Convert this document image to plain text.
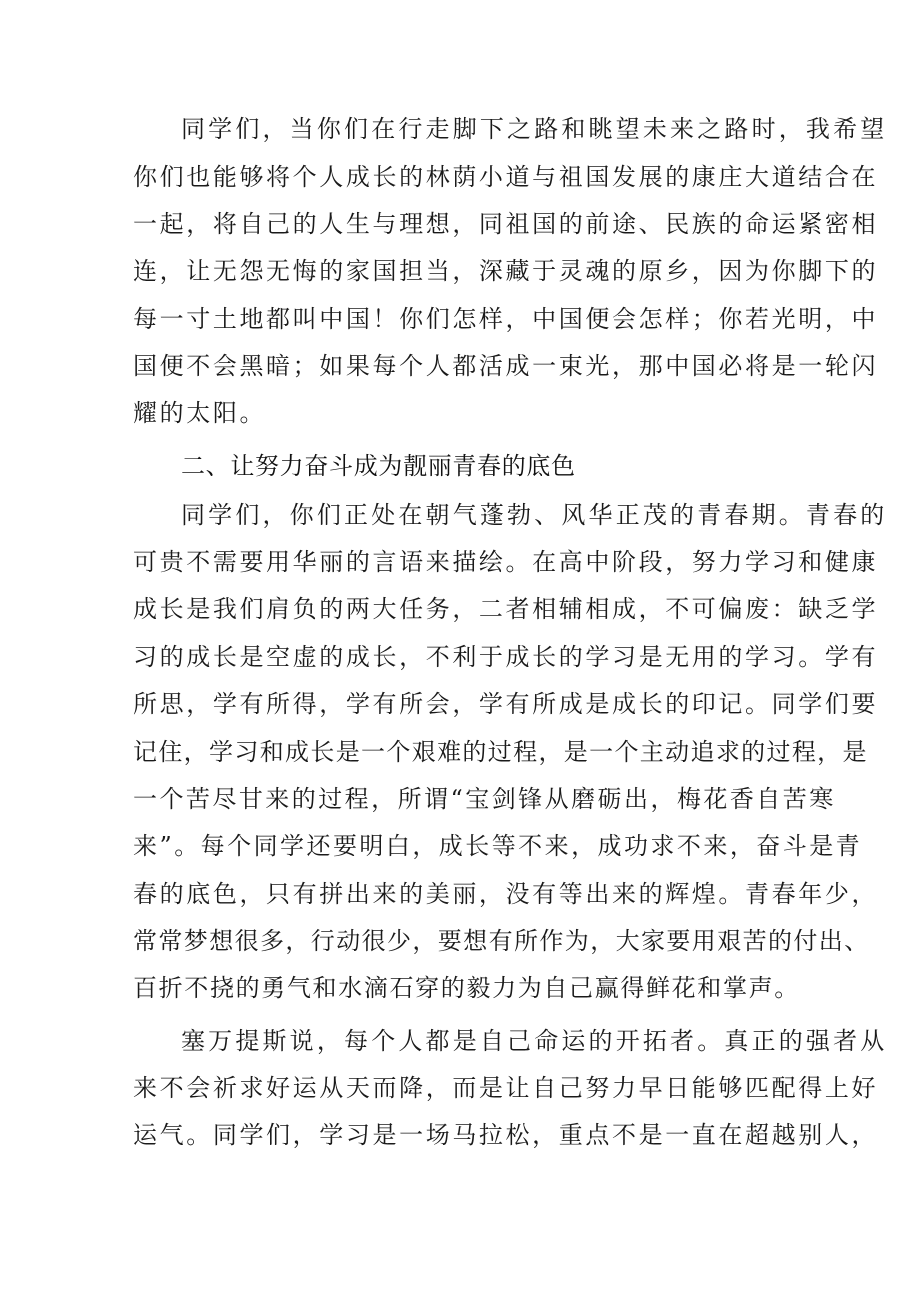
同学们，当你们在行走脚下之路和眺望未来之路时，我希望

你们也能够将个人成长的林荫小道与祖国发展的康庄大道结合在

一起，将自己的人生与理想，同祖国的前途、民族的命运紧密相

连，让无怨无悔的家国担当，深藏于灵魂的原乡，因为你脚下的

每一寸土地都叫中国！你们怎样，中国便会怎样；你若光明，中

国便不会黑暗；如果每个人都活成一束光，那中国必将是一轮闪

耀的太阳。

二、让努力奋斗成为靓丽青春的底色

同学们，你们正处在朝气蓬勃、风华正茂的青春期。青春的

可贵不需要用华丽的言语来描绘。在高中阶段，努力学习和健康

成长是我们肩负的两大任务，二者相辅相成，不可偏废：缺乏学

习的成长是空虚的成长，不利于成长的学习是无用的学习。学有

所思，学有所得，学有所会，学有所成是成长的印记。同学们要

记住，学习和成长是一个艰难的过程，是一个主动追求的过程，是

一个苦尽甘来的过程，所谓“宝剑锋从磨砺出，梅花香自苦寒

来”。每个同学还要明白，成长等不来，成功求不来，奋斗是青

春的底色，只有拼出来的美丽，没有等出来的辉煌。青春年少，

常常梦想很多，行动很少，要想有所作为，大家要用艰苦的付出、

百折不挠的勇气和水滴石穿的毅力为自己赢得鲜花和掌声。

塞万提斯说，每个人都是自己命运的开拓者。真正的强者从

来不会祈求好运从天而降，而是让自己努力早日能够匹配得上好

运气。同学们，学习是一场马拉松，重点不是一直在超越别人，
